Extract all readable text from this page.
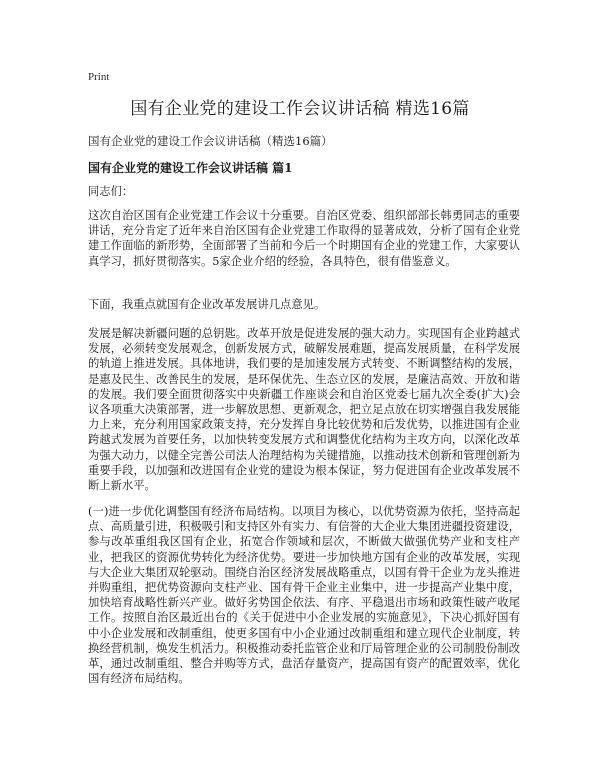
Print
国有企业党的建设工作会议讲话稿 精选16篇
国有企业党的建设工作会议讲话稿（精选16篇）
国有企业党的建设工作会议讲话稿 篇1

同志们：

这次自治区国有企业党建工作会议十分重要。自治区党委、组织部部长韩勇同志的重要讲话，充分肯定了近年来自治区国有企业党建工作取得的显著成效，分析了国有企业党建工作面临的新形势，全面部署了当前和今后一个时期国有企业的党建工作，大家要认真学习，抓好贯彻落实。5家企业介绍的经验，各具特色，很有借鉴意义。

下面，我重点就国有企业改革发展讲几点意见。

发展是解决新疆问题的总钥匙。改革开放是促进发展的强大动力。实现国有企业跨越式发展，必须转变发展观念，创新发展方式，破解发展难题，提高发展质量，在科学发展的轨道上推进发展。具体地讲，我们要的是加速发展方式转变、不断调整结构的发展，是惠及民生、改善民生的发展，是环保优先、生态立区的发展，是廉洁高效、开放和谐的发展。我们要全面贯彻落实中央新疆工作座谈会和自治区党委七届九次全委(扩大)会议各项重大决策部署，进一步解放思想、更新观念，把立足点放在切实增强自我发展能力上来，充分利用国家政策支持，充分发挥自身比较优势和后发优势，以推进国有企业跨越式发展为首要任务，以加快转变发展方式和调整优化结构为主攻方向，以深化改革为强大动力，以健全完善公司法人治理结构为关键措施，以推动技术创新和管理创新为重要手段，以加强和改进国有企业党的建设为根本保证，努力促进国有企业改革发展不断上新水平。

(一)进一步优化调整国有经济布局结构。以项目为核心，以优势资源为依托，坚持高起点、高质量引进，积极吸引和支持区外有实力、有信誉的大企业大集团进疆投资建设，参与改革重组我区国有企业，拓宽合作领域和层次，不断做大做强优势产业和支柱产业，把我区的资源优势转化为经济优势。要进一步加快地方国有企业的改革发展，实现与大企业大集团双轮驱动。围绕自治区经济发展战略重点，以国有骨干企业为龙头推进并购重组，把优势资源向支柱产业、国有骨干企业主业集中，进一步提高产业集中度，加快培育战略性新兴产业。做好劣势国企依法、有序、平稳退出市场和政策性破产收尾工作。按照自治区最近出台的《关于促进中小企业发展的实施意见》，下决心抓好国有中小企业发展和改制重组，使更多国有中小企业通过改制重组和建立现代企业制度，转换经营机制，焕发生机活力。积极推动委托监管企业和厅局管理企业的公司制股份制改革，通过改制重组、整合并购等方式，盘活存量资产，提高国有资产的配置效率，优化国有经济布局结构。
